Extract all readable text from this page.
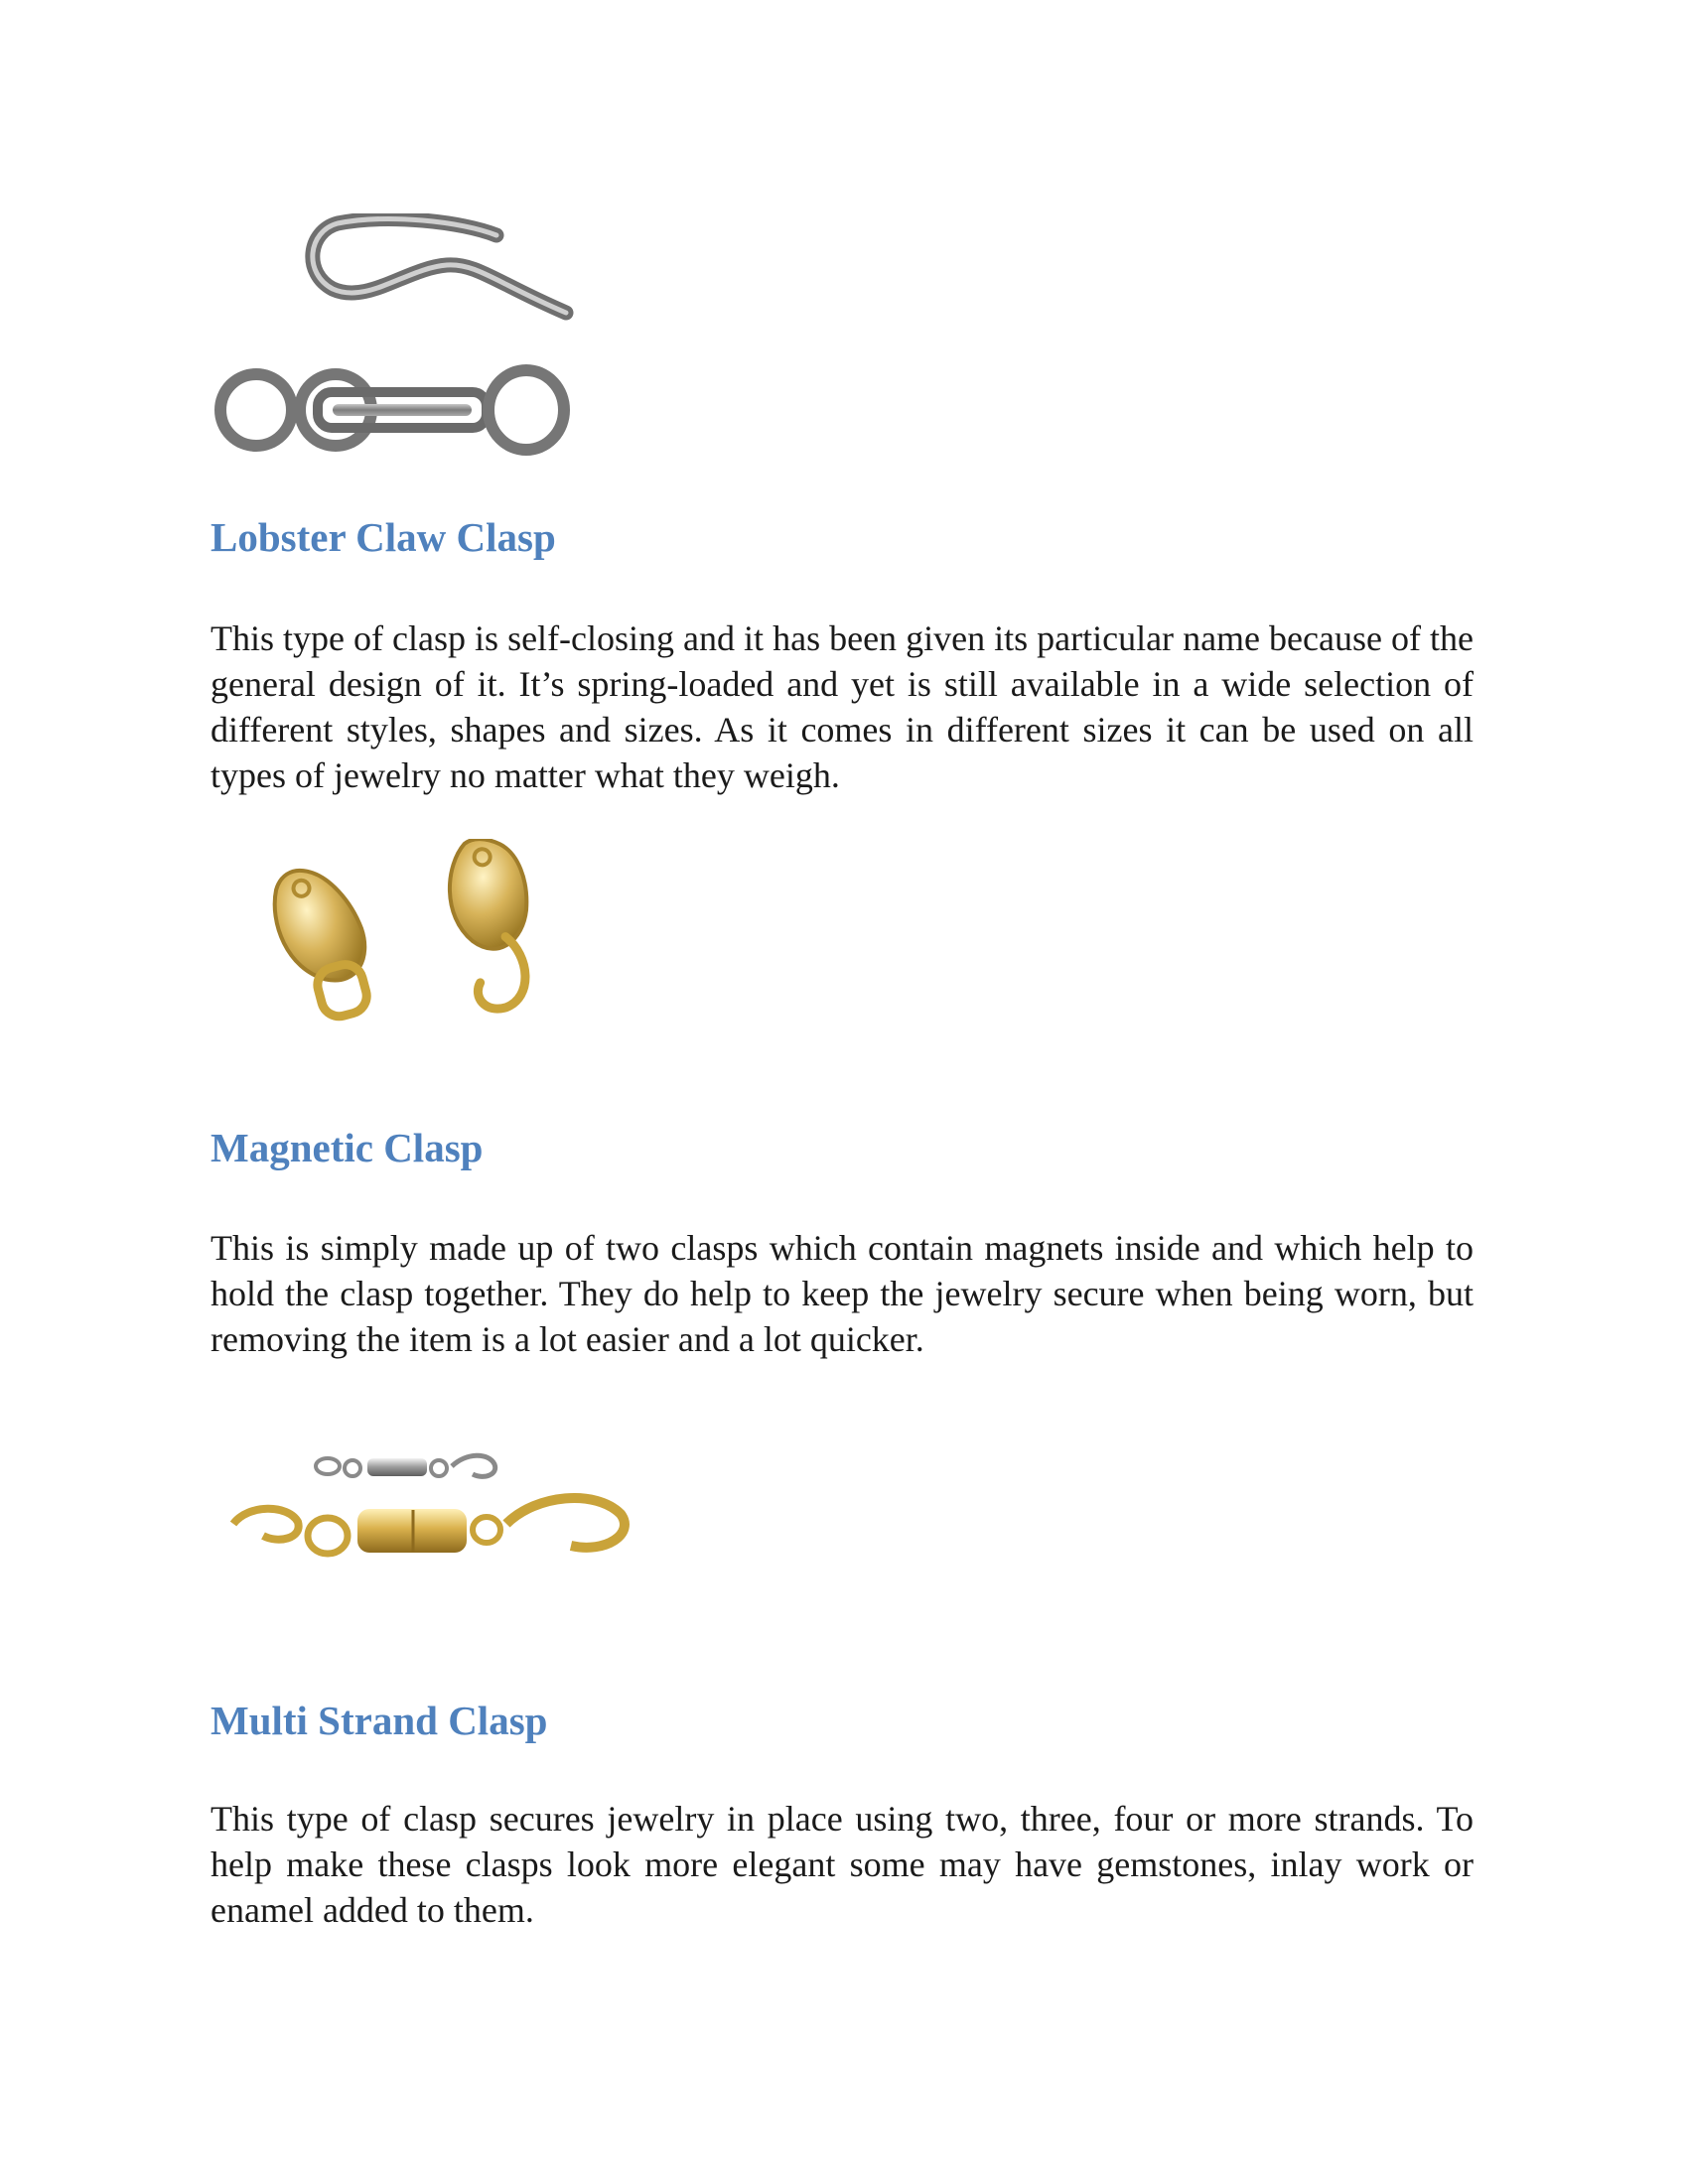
Lobster Claw Clasp

This type of clasp is self-closing and it has been given its particular name because of the general design of it. It’s spring-loaded and yet is still available in a wide selection of different styles, shapes and sizes. As it comes in different sizes it can be used on all types of jewelry no matter what they weigh.

Magnetic Clasp

This is simply made up of two clasps which contain magnets inside and which help to hold the clasp together. They do help to keep the jewelry secure when being worn, but removing the item is a lot easier and a lot quicker.

Multi Strand Clasp

This type of clasp secures jewelry in place using two, three, four or more strands. To help make these clasps look more elegant some may have gemstones, inlay work or enamel added to them.
